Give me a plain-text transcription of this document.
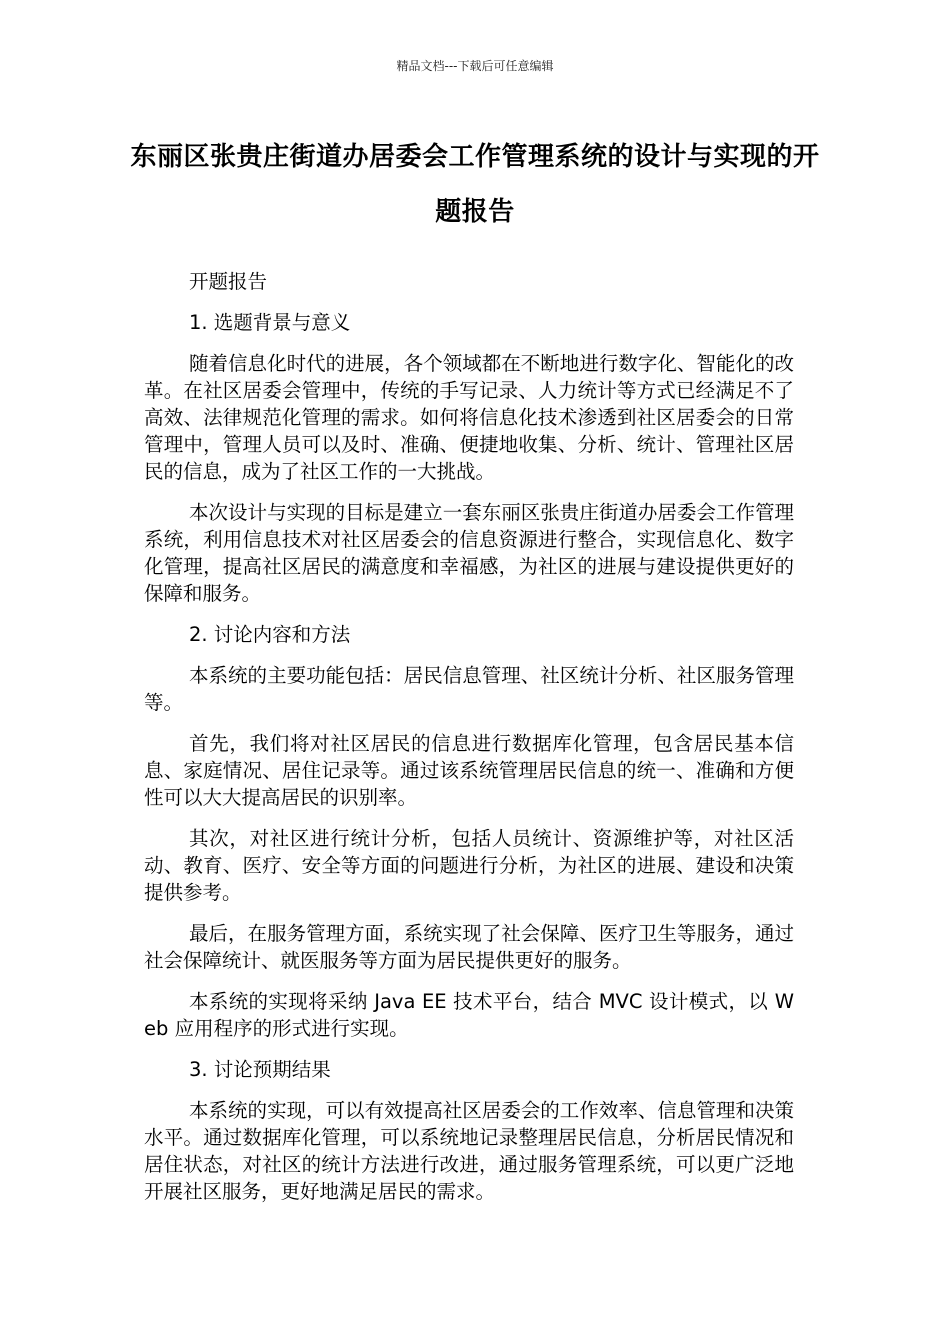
精品文档---下载后可任意编辑
东丽区张贵庄街道办居委会工作管理系统的设计与实现的开题报告

开题报告

1. 选题背景与意义

随着信息化时代的进展，各个领域都在不断地进行数字化、智能化的改革。在社区居委会管理中，传统的手写记录、人力统计等方式已经满足不了高效、法律规范化管理的需求。如何将信息化技术渗透到社区居委会的日常管理中，管理人员可以及时、准确、便捷地收集、分析、统计、管理社区居民的信息，成为了社区工作的一大挑战。

本次设计与实现的目标是建立一套东丽区张贵庄街道办居委会工作管理系统，利用信息技术对社区居委会的信息资源进行整合，实现信息化、数字化管理，提高社区居民的满意度和幸福感，为社区的进展与建设提供更好的保障和服务。

2. 讨论内容和方法

本系统的主要功能包括：居民信息管理、社区统计分析、社区服务管理等。

首先，我们将对社区居民的信息进行数据库化管理，包含居民基本信息、家庭情况、居住记录等。通过该系统管理居民信息的统一、准确和方便性可以大大提高居民的识别率。

其次，对社区进行统计分析，包括人员统计、资源维护等，对社区活动、教育、医疗、安全等方面的问题进行分析，为社区的进展、建设和决策提供参考。

最后，在服务管理方面，系统实现了社会保障、医疗卫生等服务，通过社会保障统计、就医服务等方面为居民提供更好的服务。

本系统的实现将采纳 Java EE 技术平台，结合 MVC 设计模式，以 Web 应用程序的形式进行实现。

3. 讨论预期结果

本系统的实现，可以有效提高社区居委会的工作效率、信息管理和决策水平。通过数据库化管理，可以系统地记录整理居民信息，分析居民情况和居住状态，对社区的统计方法进行改进，通过服务管理系统，可以更广泛地开展社区服务，更好地满足居民的需求。
